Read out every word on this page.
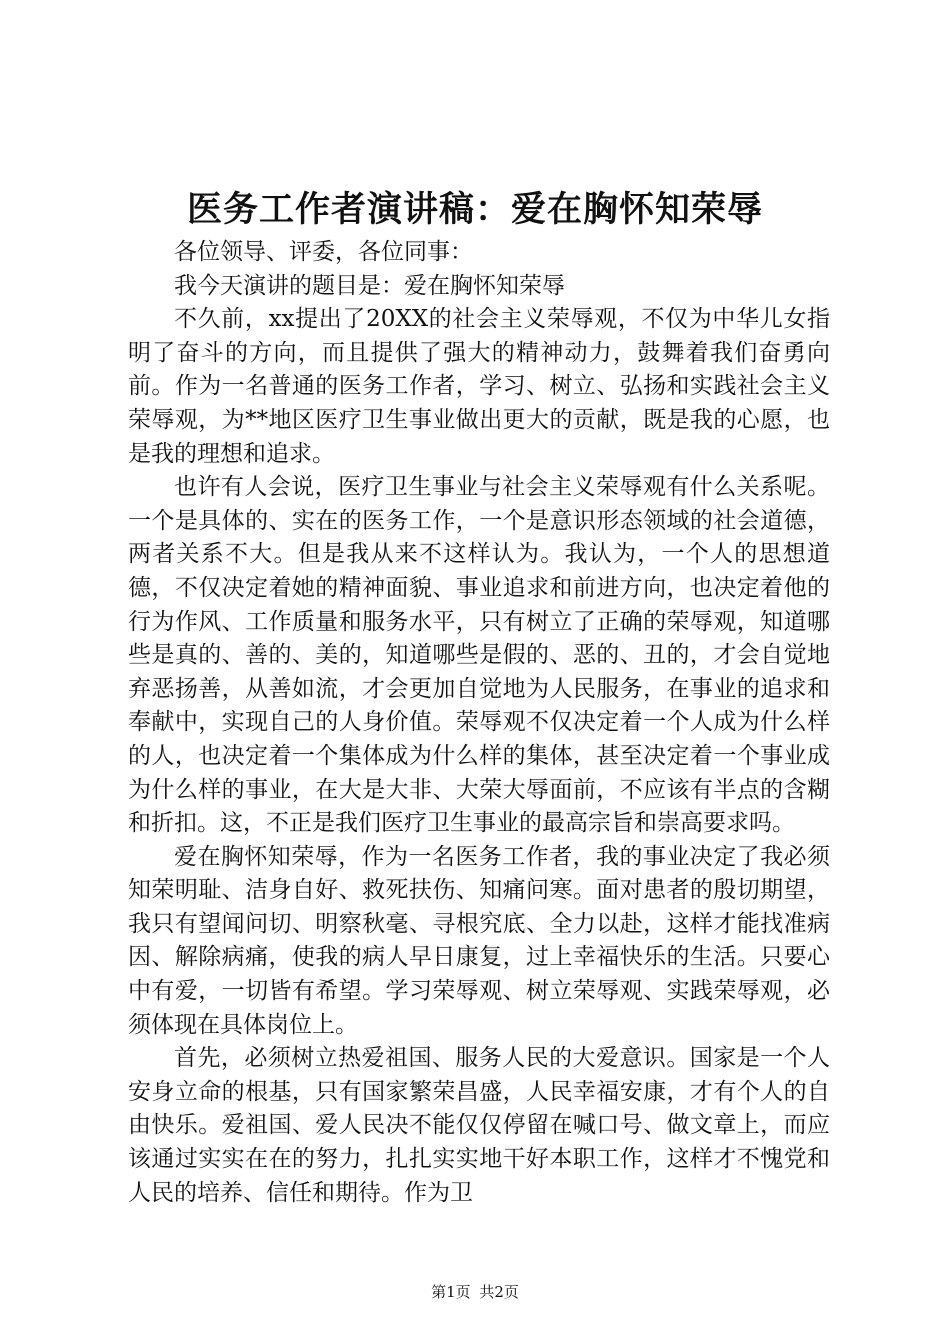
医务工作者演讲稿：爱在胸怀知荣辱

各位领导、评委，各位同事：

我今天演讲的题目是：爱在胸怀知荣辱

不久前，xx提出了20XX的社会主义荣辱观，不仅为中华儿女指明了奋斗的方向，而且提供了强大的精神动力，鼓舞着我们奋勇向前。作为一名普通的医务工作者，学习、树立、弘扬和实践社会主义荣辱观，为**地区医疗卫生事业做出更大的贡献，既是我的心愿，也是我的理想和追求。

也许有人会说，医疗卫生事业与社会主义荣辱观有什么关系呢。一个是具体的、实在的医务工作，一个是意识形态领域的社会道德，两者关系不大。但是我从来不这样认为。我认为，一个人的思想道德，不仅决定着她的精神面貌、事业追求和前进方向，也决定着他的行为作风、工作质量和服务水平，只有树立了正确的荣辱观，知道哪些是真的、善的、美的，知道哪些是假的、恶的、丑的，才会自觉地弃恶扬善，从善如流，才会更加自觉地为人民服务，在事业的追求和奉献中，实现自己的人身价值。荣辱观不仅决定着一个人成为什么样的人，也决定着一个集体成为什么样的集体，甚至决定着一个事业成为什么样的事业，在大是大非、大荣大辱面前，不应该有半点的含糊和折扣。这，不正是我们医疗卫生事业的最高宗旨和崇高要求吗。

爱在胸怀知荣辱，作为一名医务工作者，我的事业决定了我必须知荣明耻、洁身自好、救死扶伤、知痛问寒。面对患者的殷切期望，我只有望闻问切、明察秋毫、寻根究底、全力以赴，这样才能找准病因、解除病痛，使我的病人早日康复，过上幸福快乐的生活。只要心中有爱，一切皆有希望。学习荣辱观、树立荣辱观、实践荣辱观，必须体现在具体岗位上。

首先，必须树立热爱祖国、服务人民的大爱意识。国家是一个人安身立命的根基，只有国家繁荣昌盛，人民幸福安康，才有个人的自由快乐。爱祖国、爱人民决不能仅仅停留在喊口号、做文章上，而应该通过实实在在的努力，扎扎实实地干好本职工作，这样才不愧党和人民的培养、信任和期待。作为卫

第1页 共2页
